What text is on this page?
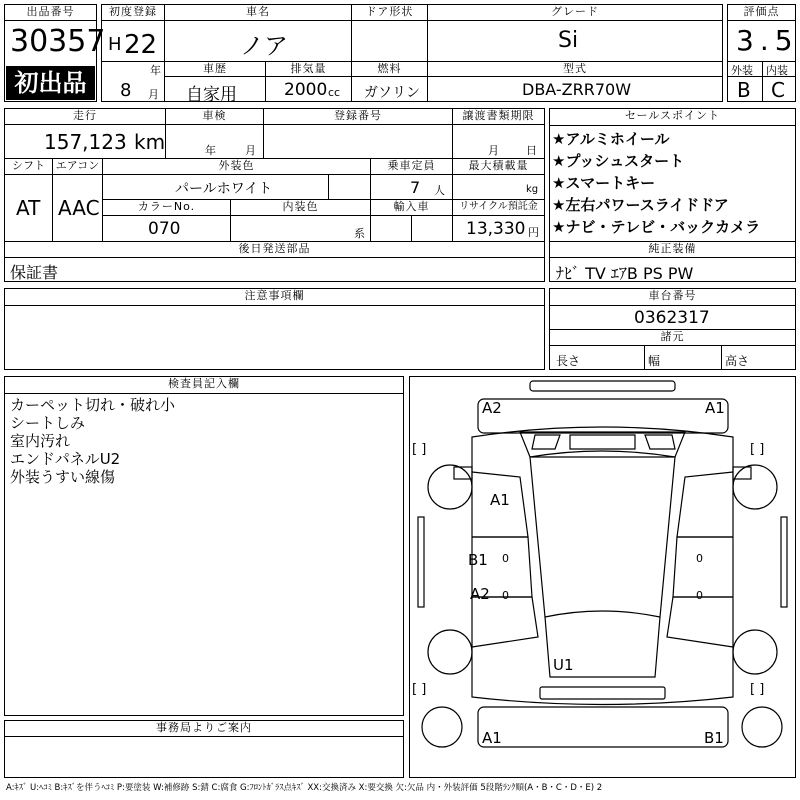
出品番号
30357
初出品
初度登録
H 22
年
8 月
車名
ノア
ドア形状	グレード
Si
車歴
自家用
排気量
2000 cc
燃料
ガソリン
型式
DBA-ZRR70W
評価点
3.5
外装 内装
B C
走行
157,123 km
車検
年	月
登録番号	譲渡書類期限
月 日
シフト
AT
エアコン
AAC
外装色
パールホワイト
乗車定員
7 人
最大積載量
kg
カラーNo.
070
内装色
系
輸入車	リサイクル預託金
13,330 円
後日発送部品
保証書
セールスポイント
★アルミホイール
★プッシュスタート
★スマートキー
★左右パワースライドドア
★ナビ・テレビ・バックカメラ
純正装備
ﾅﾋﾞ TV ｴｱB PS PW
注意事項欄	車台番号
0362317
諸元
長さ	幅	高さ
検査員記入欄
カーペット切れ・破れ小
シートしみ
室内汚れ
エンドパネルU2
外装うすい線傷
事務局よりご案内
A2	A1
A1
B1
A2
U1
A1	B1
[ ]	[ ]
[ ]	[ ]
0
0
0
0
A:ｷｽﾞ U:ﾍｺﾐ B:ｷｽﾞを伴うﾍｺﾐ P:要塗装 W:補修跡 S:錆 C:腐食 G:ﾌﾛﾝﾄｶﾞﾗｽ点ｷｽﾞ XX:交換済み X:要交換 欠:欠品 内・外装評価 5段階ﾗﾝｸ順(A・B・C・D・E) 2
